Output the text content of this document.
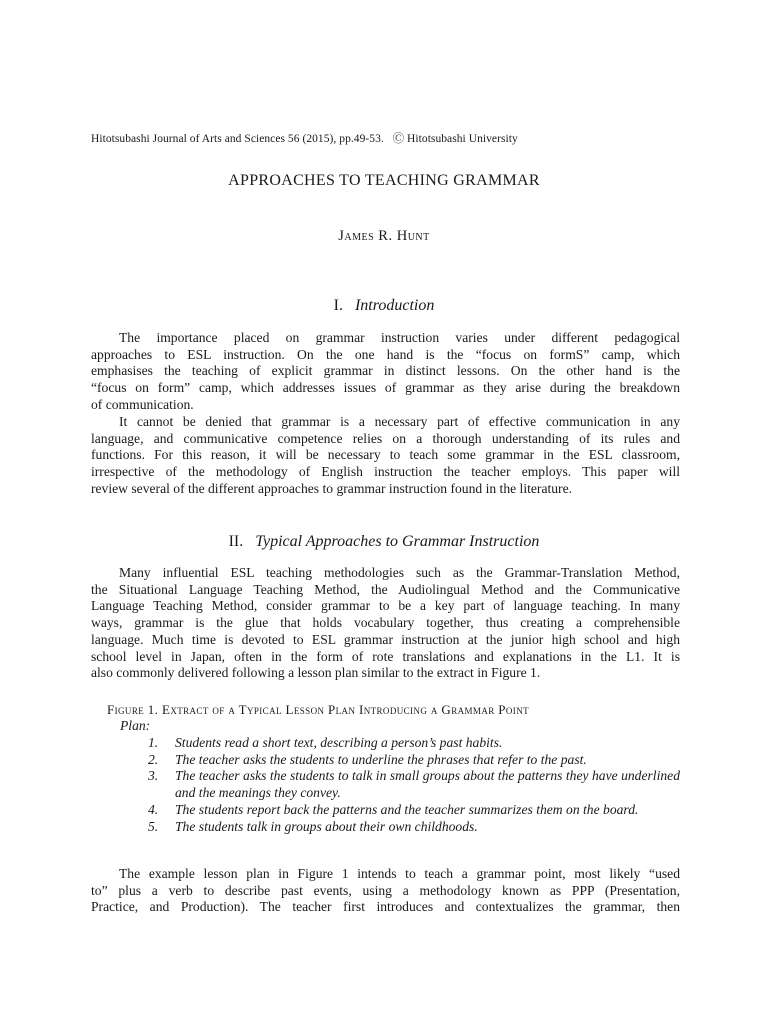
Hitotsubashi Journal of Arts and Sciences 56 (2015), pp.49-53.   Ⓒ Hitotsubashi University
APPROACHES TO TEACHING GRAMMAR
James R. Hunt
I. Introduction
The importance placed on grammar instruction varies under different pedagogical
approaches to ESL instruction. On the one hand is the “focus on formS” camp, which
emphasises the teaching of explicit grammar in distinct lessons. On the other hand is the
“focus on form” camp, which addresses issues of grammar as they arise during the breakdown
of communication.
It cannot be denied that grammar is a necessary part of effective communication in any
language, and communicative competence relies on a thorough understanding of its rules and
functions. For this reason, it will be necessary to teach some grammar in the ESL classroom,
irrespective of the methodology of English instruction the teacher employs. This paper will
review several of the different approaches to grammar instruction found in the literature.
II. Typical Approaches to Grammar Instruction
Many influential ESL teaching methodologies such as the Grammar-Translation Method,
the Situational Language Teaching Method, the Audiolingual Method and the Communicative
Language Teaching Method, consider grammar to be a key part of language teaching. In many
ways, grammar is the glue that holds vocabulary together, thus creating a comprehensible
language. Much time is devoted to ESL grammar instruction at the junior high school and high
school level in Japan, often in the form of rote translations and explanations in the L1. It is
also commonly delivered following a lesson plan similar to the extract in Figure 1.
Figure 1. Extract of a Typical Lesson Plan Introducing a Grammar Point
Plan:
1. Students read a short text, describing a person’s past habits.
2. The teacher asks the students to underline the phrases that refer to the past.
3. The teacher asks the students to talk in small groups about the patterns they have underlined and the meanings they convey.
4. The students report back the patterns and the teacher summarizes them on the board.
5. The students talk in groups about their own childhoods.
The example lesson plan in Figure 1 intends to teach a grammar point, most likely “used
to” plus a verb to describe past events, using a methodology known as PPP (Presentation,
Practice, and Production). The teacher first introduces and contextualizes the grammar, then
